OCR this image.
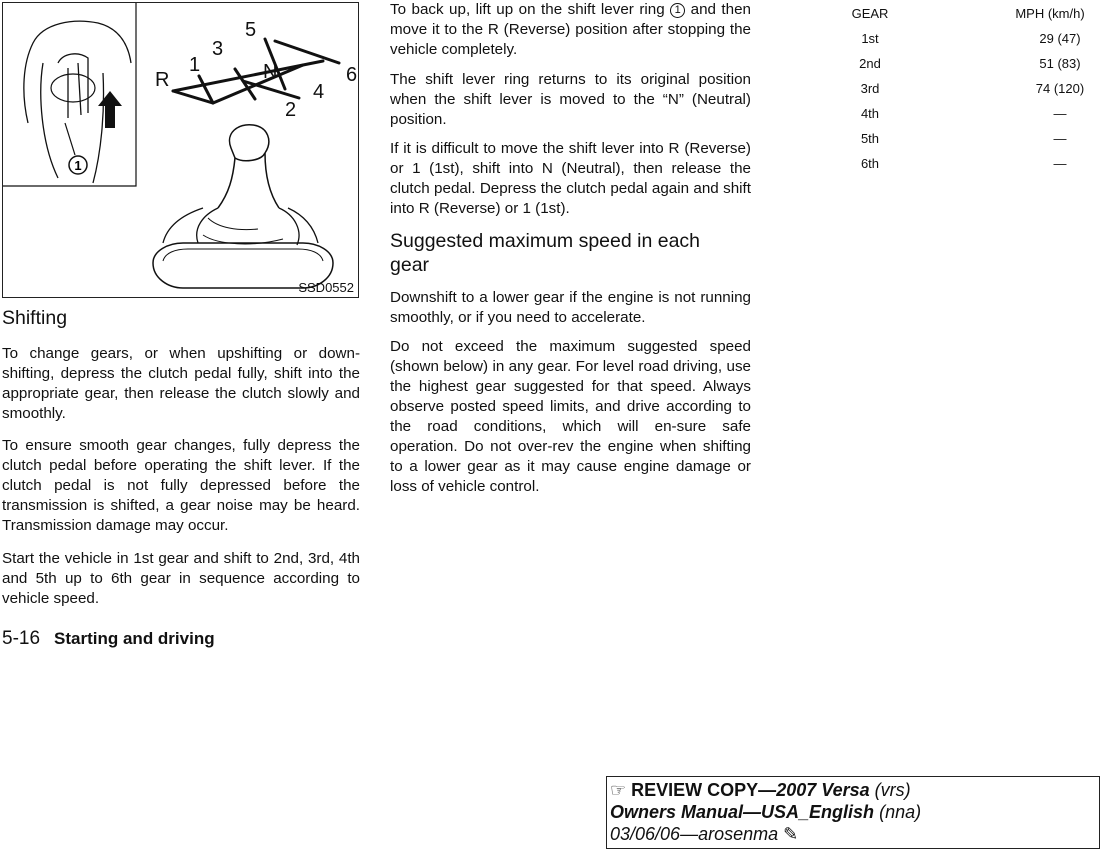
1
R
1
3
5
N	6
4
2
SSD0552
Shifting

To change gears, or when upshifting or down-shifting, depress the clutch pedal fully, shift into the appropriate gear, then release the clutch slowly and smoothly.

To ensure smooth gear changes, fully depress the clutch pedal before operating the shift lever. If the clutch pedal is not fully depressed before the transmission is shifted, a gear noise may be heard. Transmission damage may occur.

Start the vehicle in 1st gear and shift to 2nd, 3rd, 4th and 5th up to 6th gear in sequence according to vehicle speed.

5-16 Starting and driving

To back up, lift up on the shift lever ring 1 and then move it to the R (Reverse) position after stopping the vehicle completely.

The shift lever ring returns to its original position when the shift lever is moved to the “N” (Neutral) position.

If it is difficult to move the shift lever into R (Reverse) or 1 (1st), shift into N (Neutral), then release the clutch pedal. Depress the clutch pedal again and shift into R (Reverse) or 1 (1st).

Suggested maximum speed in each gear

Downshift to a lower gear if the engine is not running smoothly, or if you need to accelerate.

Do not exceed the maximum suggested speed (shown below) in any gear. For level road driving, use the highest gear suggested for that speed. Always observe posted speed limits, and drive according to the road conditions, which will en-sure safe operation. Do not over-rev the engine when shifting to a lower gear as it may cause engine damage or loss of vehicle control.

GEAR	MPH (km/h)
1st	29 (47)
2nd	51 (83)
3rd	74 (120)
4th	—
5th	—
6th	—
☞ REVIEW COPY—2007 Versa (vrs)
Owners Manual—USA_English (nna)
03/06/06—arosenma ✎
